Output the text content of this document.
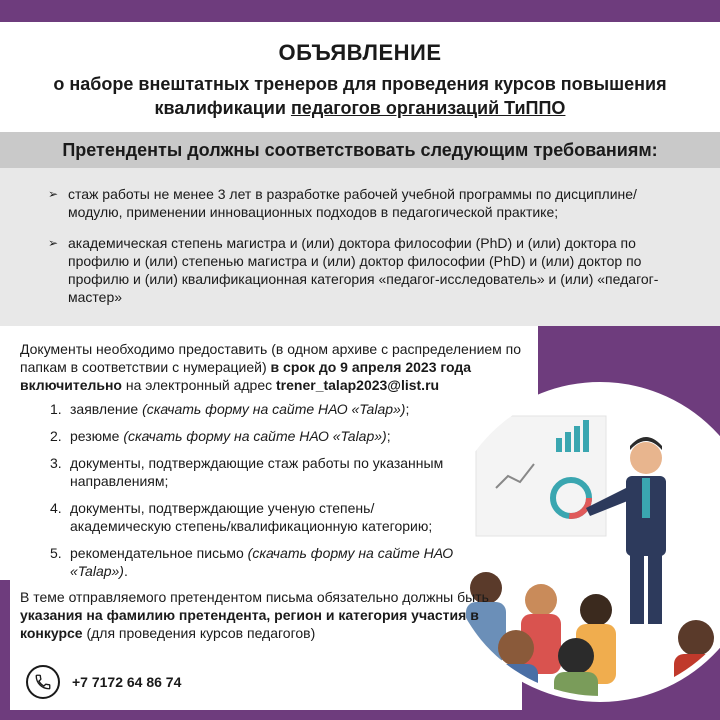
ОБЪЯВЛЕНИЕ
о наборе внештатных тренеров для проведения курсов повышения
квалификации педагогов организаций ТиППО
Претенденты должны соответствовать следующим требованиям:
➢ стаж работы не менее 3 лет в разработке рабочей учебной программы по дисциплине/модулю, применении инновационных подходов в педагогической практике;
➢ академическая степень магистра и (или) доктора философии (PhD) и (или) доктора по профилю и (или) степенью магистра и (или) доктор философии (PhD) и (или) доктор по профилю и (или) квалификационная категория «педагог-исследователь» и (или) «педагог-мастер»
Документы необходимо предоставить (в одном архиве с распределением по папкам в соответствии с нумерацией) в срок до 9 апреля 2023 года включительно на электронный адрес trener_talap2023@list.ru
1. заявление (скачать форму на сайте НАО «Talap»);
2. резюме (скачать форму на сайте НАО «Talap»);
3. документы, подтверждающие стаж работы по указанным направлениям;
4. документы, подтверждающие ученую степень/ академическую степень/квалификационную категорию;
5. рекомендательное письмо (скачать форму на сайте НАО «Talap»).
В теме отправляемого претендентом письма обязательно должны быть указания на фамилию претендента, регион и категория участия в конкурсе (для проведения курсов педагогов)
+7 7172 64 86 74
